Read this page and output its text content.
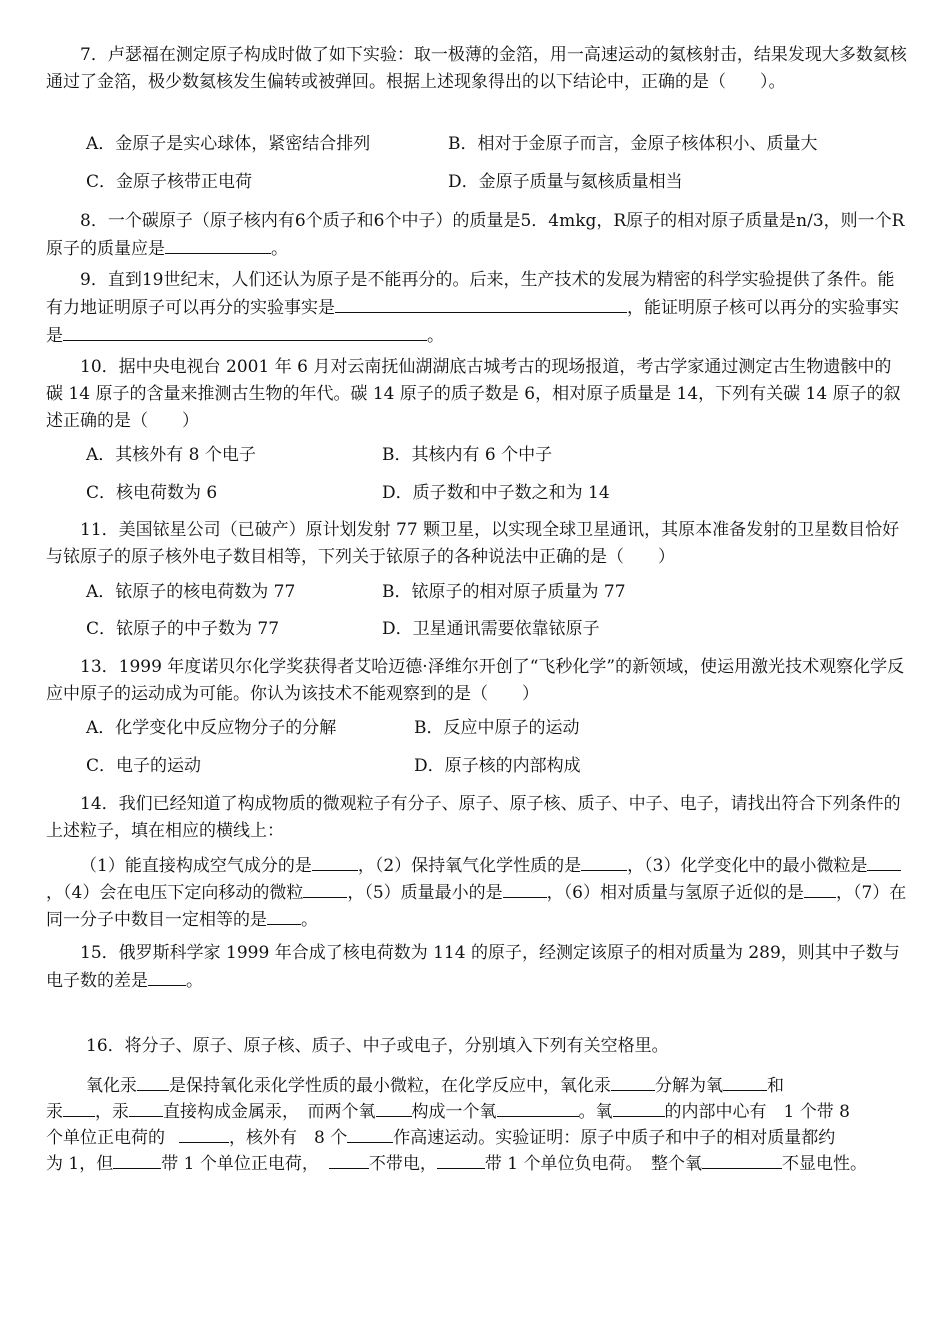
7．卢瑟福在测定原子构成时做了如下实验：取一极薄的金箔，用一高速运动的氦核射击，结果发现大多数氦核通过了金箔，极少数氦核发生偏转或被弹回。根据上述现象得出的以下结论中，正确的是（　　）。
A．金原子是实心球体，紧密结合排列	B．相对于金原子而言，金原子核体积小、质量大
C．金原子核带正电荷	D．金原子质量与氦核质量相当
8．一个碳原子（原子核内有6个质子和6个中子）的质量是5．4mkg，R原子的相对原子质量是n/3，则一个R原子的质量应是	。
9．直到19世纪末，人们还认为原子是不能再分的。后来，生产技术的发展为精密的科学实验提供了条件。能有力地证明原子可以再分的实验事实是	，能证明原子核可以再分的实验事实是	。
10．据中央电视台 2001 年 6 月对云南抚仙湖湖底古城考古的现场报道，考古学家通过测定古生物遗骸中的碳 14 原子的含量来推测古生物的年代。碳 14 原子的质子数是 6，相对原子质量是 14，下列有关碳 14 原子的叙述正确的是（　　）
A．其核外有 8 个电子	B．其核内有 6 个中子
C．核电荷数为 6	D．质子数和中子数之和为 14
11．美国铱星公司（已破产）原计划发射 77 颗卫星，以实现全球卫星通讯，其原本准备发射的卫星数目恰好与铱原子的原子核外电子数目相等，下列关于铱原子的各种说法中正确的是（　　）
A．铱原子的核电荷数为 77	B．铱原子的相对原子质量为 77
C．铱原子的中子数为 77	D．卫星通讯需要依靠铱原子
13．1999 年度诺贝尔化学奖获得者艾哈迈德·泽维尔开创了“飞秒化学”的新领域，使运用激光技术观察化学反应中原子的运动成为可能。你认为该技术不能观察到的是（　　）
A．化学变化中反应物分子的分解	B．反应中原子的运动
C．电子的运动	D．原子核的内部构成
14．我们已经知道了构成物质的微观粒子有分子、原子、原子核、质子、中子、电子，请找出符合下列条件的上述粒子，填在相应的横线上：
（1）能直接构成空气成分的是	，（2）保持氧气化学性质的是	，（3）化学变化中的最小微粒是，（4）会在电压下定向移动的微粒	，（5）质量最小的是	，（6）相对质量与氢原子近似的是 ，（7）在同一分子中数目一定相等的是 。
15．俄罗斯科学家 1999 年合成了核电荷数为 114 的原子，经测定该原子的相对质量为 289，则其中子数与电子数的差是 。
16．将分子、原子、原子核、质子、中子或电子，分别填入下列有关空格里。
氧化汞 是保持氧化汞化学性质的最小微粒，在化学反应中，氧化汞	分解为氧	和
汞 ，汞 直接构成金属汞，　而两个氧 构成一个氧	。氧	的内部中心有　1 个带 8
个单位正电荷的	，核外有　8 个	作高速运动。实验证明：原子中质子和中子的相对质量都约
为 1，但	带 1 个单位正电荷，	不带电，	带 1 个单位负电荷。　整个氧	不显电性。
